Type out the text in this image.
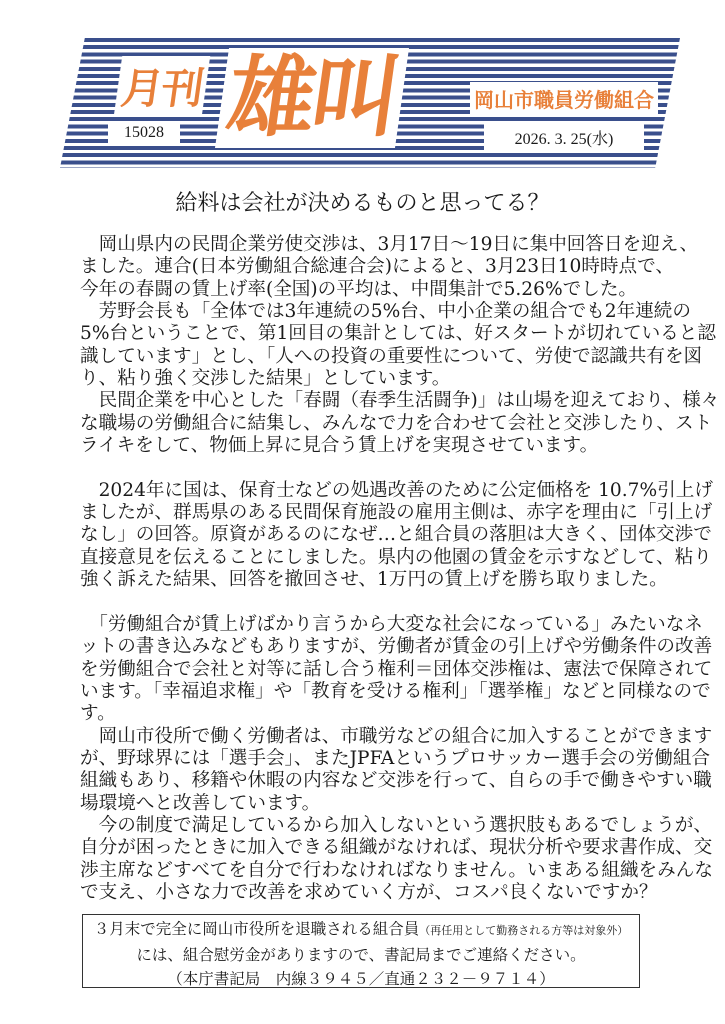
月刊 雄叫	岡山市職員労働組合
15028	2026. 3. 25(水)
給料は会社が決めるものと思ってる？
　岡山県内の民間企業労使交渉は、3月17日～19日に集中回答日を迎え、
ました。連合(日本労働組合総連合会)によると、3月23日10時時点で、
今年の春闘の賃上げ率(全国)の平均は、中間集計で5.26%でした。
　芳野会長も「全体では3年連続の5%台、中小企業の組合でも2年連続の
5%台ということで、第1回目の集計としては、好スタートが切れていると認
識しています」とし、「人への投資の重要性について、労使で認識共有を図
り、粘り強く交渉した結果」としています。
　民間企業を中心とした「春闘（春季生活闘争)」は山場を迎えており、様々
な職場の労働組合に結集し、みんなで力を合わせて会社と交渉したり、スト
ライキをして、物価上昇に見合う賃上げを実現させています。
　2024年に国は、保育士などの処遇改善のために公定価格を 10.7%引上げ
ましたが、群馬県のある民間保育施設の雇用主側は、赤字を理由に「引上げ
なし」の回答。原資があるのになぜ…と組合員の落胆は大きく、団体交渉で
直接意見を伝えることにしました。県内の他園の賃金を示すなどして、粘り
強く訴えた結果、回答を撤回させ、1万円の賃上げを勝ち取りました。
　「労働組合が賃上げばかり言うから大変な社会になっている」みたいなネ
ットの書き込みなどもありますが、労働者が賃金の引上げや労働条件の改善
を労働組合で会社と対等に話し合う権利＝団体交渉権は、憲法で保障されて
います。「幸福追求権」や「教育を受ける権利」「選挙権」などと同様なので
す。
　岡山市役所で働く労働者は、市職労などの組合に加入することができます
が、野球界には「選手会」、またJPFAというプロサッカー選手会の労働組合
組織もあり、移籍や休暇の内容など交渉を行って、自らの手で働きやすい職
場環境へと改善しています。
　今の制度で満足しているから加入しないという選択肢もあるでしょうが、
自分が困ったときに加入できる組織がなければ、現状分析や要求書作成、交
渉主席などすべてを自分で行わなければなりません。いまある組織をみんな
で支え、小さな力で改善を求めていく方が、コスパ良くないですか？
３月末で完全に岡山市役所を退職される組合員（再任用として勤務される方等は対象外）
には、組合慰労金がありますので、書記局までご連絡ください。
（本庁書記局　内線３９４５／直通２３２－９７１４）
